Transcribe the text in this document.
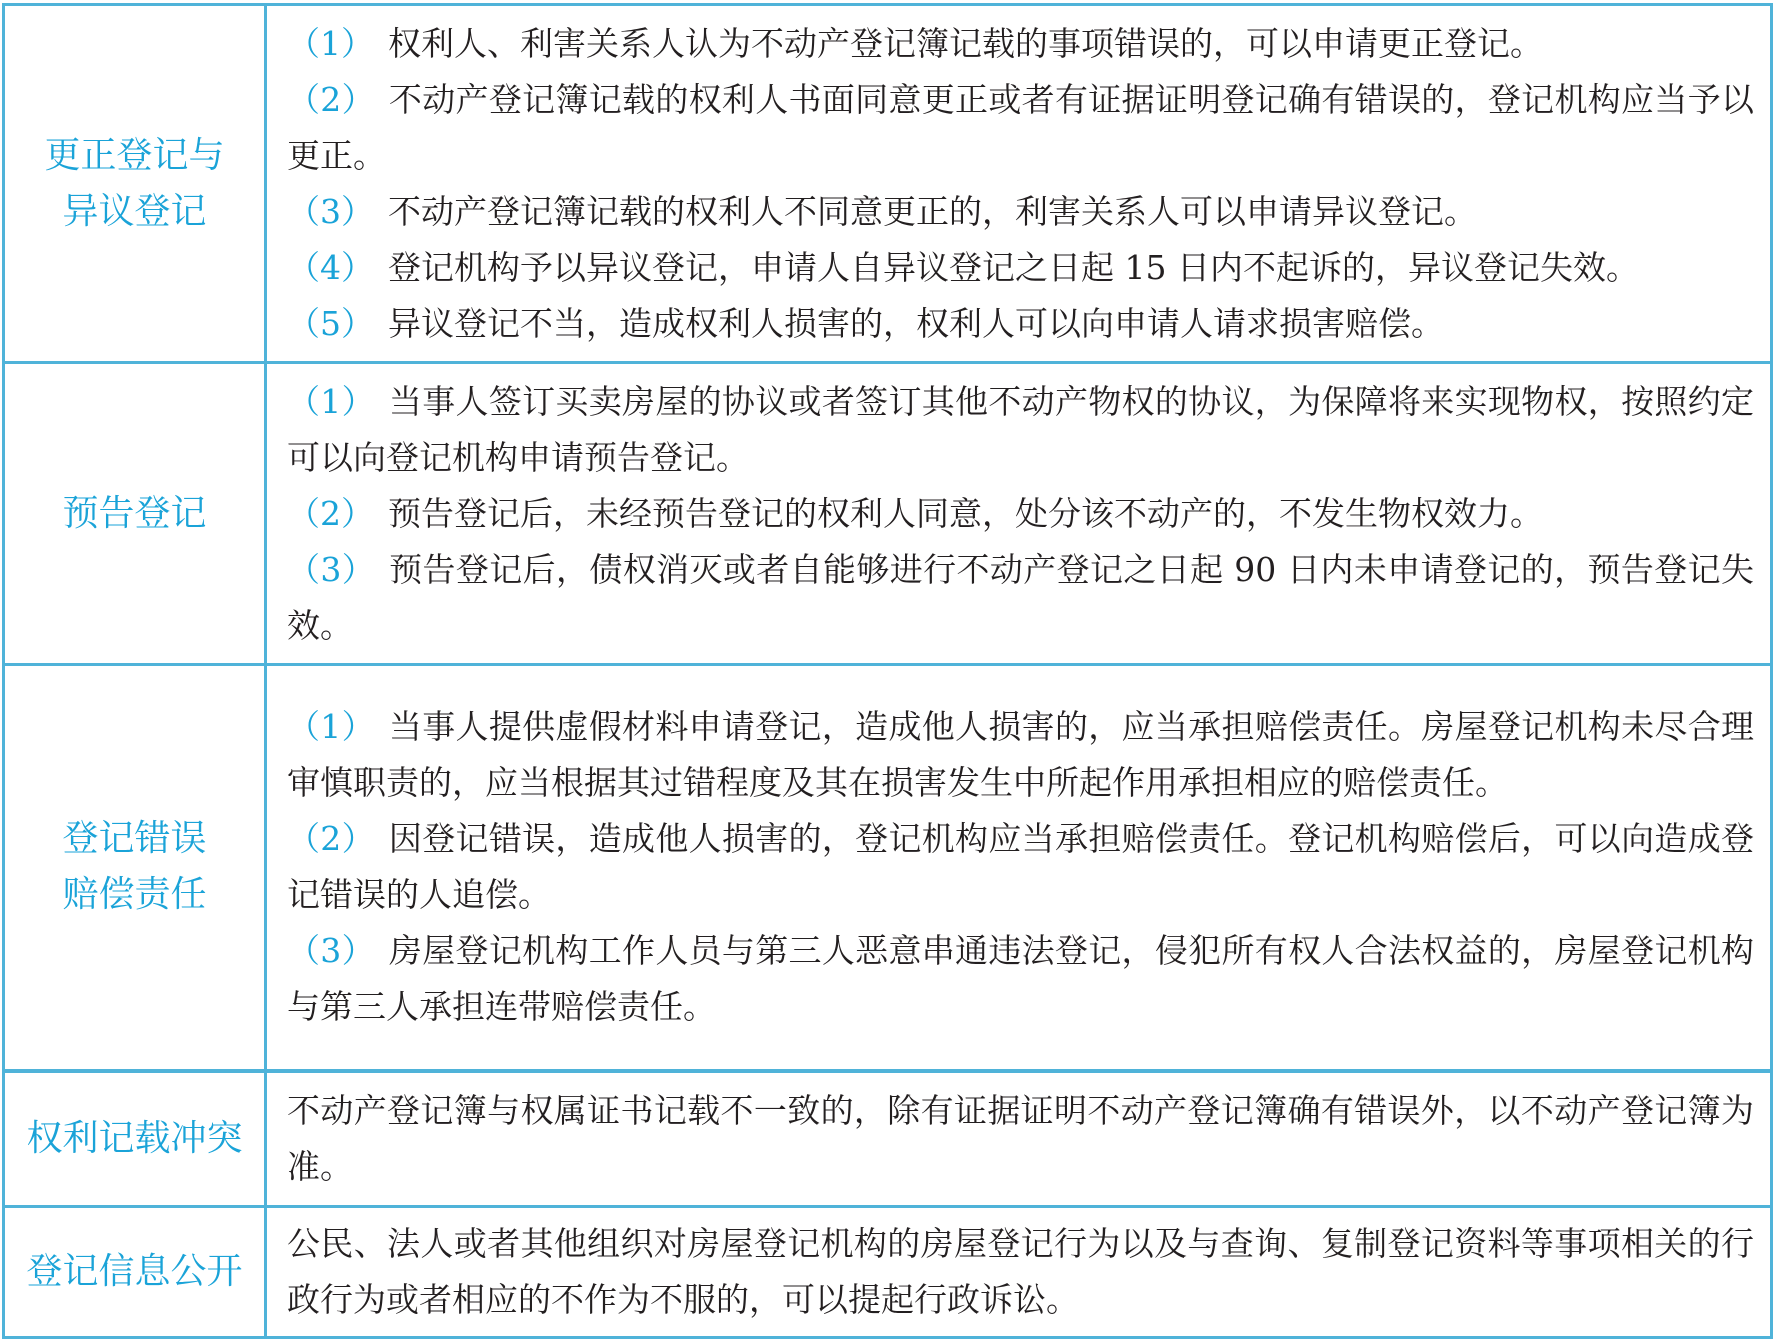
更正登记与
异议登记	（1） 权利人、利害关系人认为不动产登记簿记载的事项错误的，可以申请更正登记。
（2） 不动产登记簿记载的权利人书面同意更正或者有证据证明登记确有错误的，登记机构应当予以更正。
（3） 不动产登记簿记载的权利人不同意更正的，利害关系人可以申请异议登记。
（4） 登记机构予以异议登记，申请人自异议登记之日起 15 日内不起诉的，异议登记失效。
（5） 异议登记不当，造成权利人损害的，权利人可以向申请人请求损害赔偿。

预告登记	（1） 当事人签订买卖房屋的协议或者签订其他不动产物权的协议，为保障将来实现物权，按照约定可以向登记机构申请预告登记。
（2） 预告登记后，未经预告登记的权利人同意，处分该不动产的，不发生物权效力。
（3） 预告登记后，债权消灭或者自能够进行不动产登记之日起 90 日内未申请登记的，预告登记失效。

登记错误
赔偿责任	（1） 当事人提供虚假材料申请登记，造成他人损害的，应当承担赔偿责任。房屋登记机构未尽合理审慎职责的，应当根据其过错程度及其在损害发生中所起作用承担相应的赔偿责任。
（2） 因登记错误，造成他人损害的，登记机构应当承担赔偿责任。登记机构赔偿后，可以向造成登记错误的人追偿。
（3） 房屋登记机构工作人员与第三人恶意串通违法登记，侵犯所有权人合法权益的，房屋登记机构与第三人承担连带赔偿责任。

权利记载冲突	不动产登记簿与权属证书记载不一致的，除有证据证明不动产登记簿确有错误外，以不动产登记簿为准。

登记信息公开	公民、法人或者其他组织对房屋登记机构的房屋登记行为以及与查询、复制登记资料等事项相关的行政行为或者相应的不作为不服的，可以提起行政诉讼。
